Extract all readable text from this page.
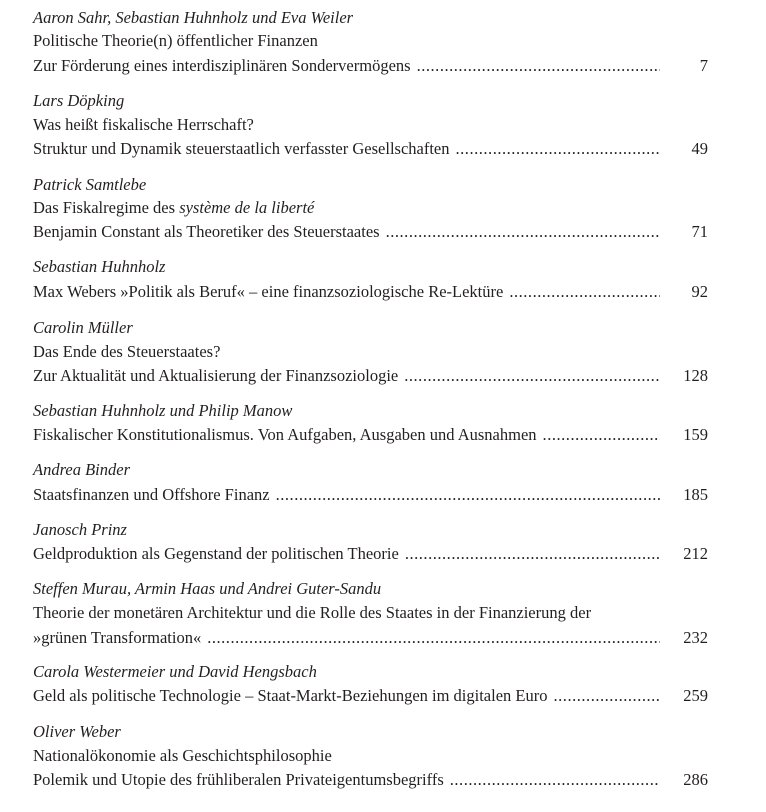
Aaron Sahr, Sebastian Huhnholz und Eva Weiler
Politische Theorie(n) öffentlicher Finanzen
Zur Förderung eines interdisziplinären Sondervermögens . . .	7
Lars Döpking
Was heißt fiskalische Herrschaft?
Struktur und Dynamik steuerstaatlich verfasster Gesellschaften . . .	49
Patrick Samtlebe
Das Fiskalregime des système de la liberté
Benjamin Constant als Theoretiker des Steuerstaates . . .	71
Sebastian Huhnholz
Max Webers »Politik als Beruf« – eine finanzsoziologische Re-Lektüre . . .	92
Carolin Müller
Das Ende des Steuerstaates?
Zur Aktualität und Aktualisierung der Finanzsoziologie . . .	128
Sebastian Huhnholz und Philip Manow
Fiskalischer Konstitutionalismus. Von Aufgaben, Ausgaben und Ausnahmen . . .	159
Andrea Binder
Staatsfinanzen und Offshore Finanz . . .	185
Janosch Prinz
Geldproduktion als Gegenstand der politischen Theorie . . .	212
Steffen Murau, Armin Haas und Andrei Guter-Sandu
Theorie der monetären Architektur und die Rolle des Staates in der Finanzierung der
»grünen Transformation« . . .	232
Carola Westermeier und David Hengsbach
Geld als politische Technologie – Staat-Markt-Beziehungen im digitalen Euro . . .	259
Oliver Weber
Nationalökonomie als Geschichtsphilosophie
Polemik und Utopie des frühliberalen Privateigentumsbegriffs . . .	286
